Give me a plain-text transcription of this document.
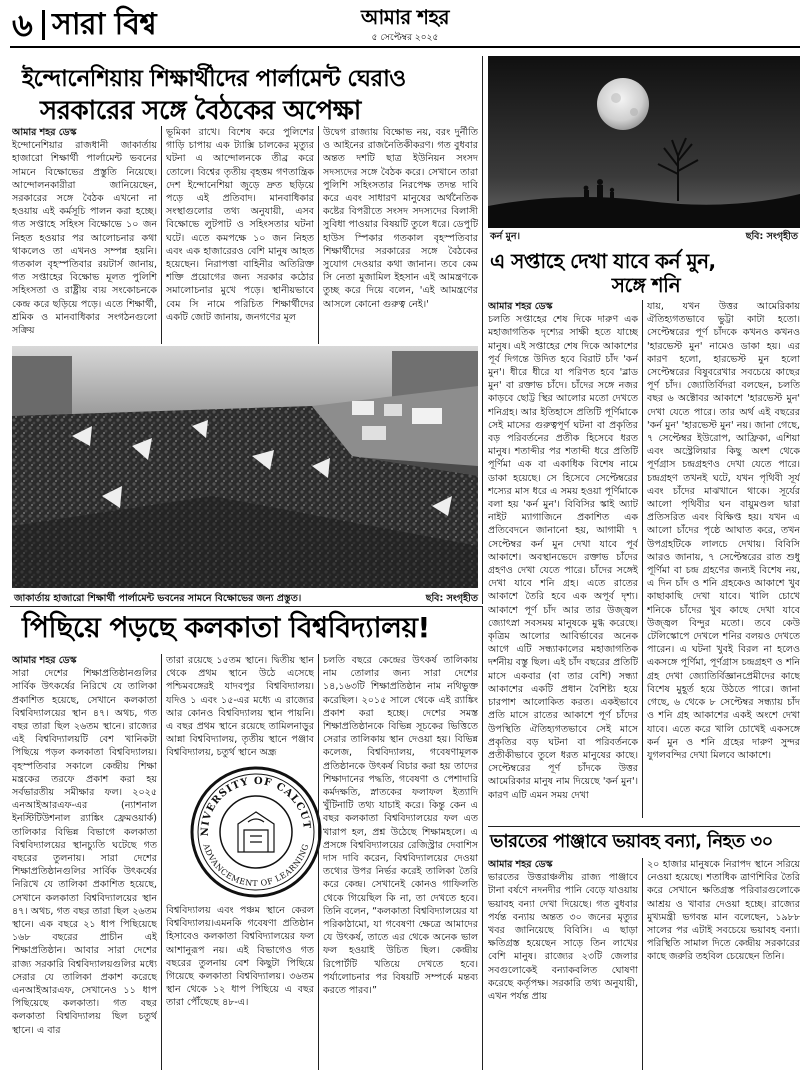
৬ সারা বিশ্ব	আমার শহর
৫ সেপ্টেম্বর ২০২৫
ইন্দোনেশিয়ায় শিক্ষার্থীদের পার্লামেন্ট ঘেরাও
সরকারের সঙ্গে বৈঠকের অপেক্ষা
আমার শহর ডেস্ক
ইন্দোনেশিয়ার রাজধানী জাকার্তায় হাজারো শিক্ষার্থী পার্লামেন্ট ভবনের সামনে বিক্ষোভের প্রস্তুতি নিয়েছে। আন্দোলনকারীরা জানিয়েছেন, সরকারের সঙ্গে বৈঠক এখনো না হওয়ায় এই কর্মসূচি পালন করা হচ্ছে। গত সপ্তাহে সহিংস বিক্ষোভে ১০ জন নিহত হওয়ার পর আলোচনার কথা থাকলেও তা এখনও সম্পন্ন হয়নি। গতকাল বৃহস্পতিবার রয়টার্স জানায়, গত সপ্তাহের বিক্ষোভ মূলত পুলিশি সহিংসতা ও রাষ্ট্রীয় ব্যয় সংকোচনকে কেন্দ্র করে ছড়িয়ে পড়ে। এতে শিক্ষার্থী, শ্রমিক ও মানবাধিকার সংগঠনগুলো সক্রিয়
ভূমিকা রাখে। বিশেষ করে পুলিশের গাড়ি চাপায় এক ট্যাক্সি চালকের মৃত্যুর ঘটনা এ আন্দোলনকে তীব্র করে তোলে। বিশ্বের তৃতীয় বৃহত্তম গণতান্ত্রিক দেশ ইন্দোনেশিয়া জুড়ে দ্রুত ছড়িয়ে পড়ে এই প্রতিবাদ। মানবাধিকার সংস্থাগুলোর তথ্য অনুযায়ী, এসব বিক্ষোভে লুটপাট ও সহিংসতার ঘটনা ঘটে। এতে কমপক্ষে ১০ জন নিহত এবং এক হাজারেরও বেশি মানুষ আহত হয়েছেন। নিরাপত্তা বাহিনীর অতিরিক্ত শক্তি প্রয়োগের জন্য সরকার কঠোর সমালোচনার মুখে পড়ে। স্থানীয়ভাবে বেম সি নামে পরিচিত শিক্ষার্থীদের একটি জোট জানায়, জনগণের মূল
উদ্বেগ রাজ্যায় বিক্ষোভ নয়, বরং দুর্নীতি ও আইনের রাজনৈতিকীকরণ। গত বুধবার অন্তত দশটি ছাত্র ইউনিয়ন সংসদ সদস্যদের সঙ্গে বৈঠক করে। সেখানে তারা পুলিশি সহিংসতার নিরপেক্ষ তদন্ত দাবি করে এবং সাধারণ মানুষের অর্থনৈতিক কষ্টের বিপরীতে সংসদ সদস্যদের বিলাসী সুবিধা পাওয়ার বিষয়টি তুলে ধরে। ডেপুটি হাউস স্পিকার গতকাল বৃহস্পতিবার শিক্ষার্থীদের সরকারের সঙ্গে বৈঠকের সুযোগ দেওয়ার কথা জানান। তবে কেম সি নেতা মুজামিল ইহসান এই আমন্ত্রণকে তুচ্ছ করে দিয়ে বলেন, 'এই আমন্ত্রণের আসলে কোনো গুরুত্ব নেই।'
জাকার্তায় হাজারো শিক্ষার্থী পার্লামেন্ট ভবনের সামনে বিক্ষোভের জন্য প্রস্তুত।	ছবি: সংগৃহীত
কর্ন মুন।	ছবি: সংগৃহীত
এ সপ্তাহে দেখা যাবে কর্ন মুন,
সঙ্গে শনি
আমার শহর ডেস্ক
চলতি সপ্তাহের শেষ দিকে দারুণ এক মহাজাগতিক দৃশ্যের সাক্ষী হতে যাচ্ছে মানুষ। এই সপ্তাহের শেষ দিকে আকাশের পূর্ব দিগন্তে উদিত হবে বিরাট চাঁদ 'কর্ন মুন'। ধীরে ধীরে যা পরিণত হবে 'ব্লাড মুন' বা রক্তাভ চাঁদে। চাঁদের সঙ্গে নজর কাড়বে ছোট্ট স্থির আলোর মতো দেখতে শনিগ্রহ। আর ইতিহাসে প্রতিটি পূর্ণিমাকে সেই মাসের গুরুত্বপূর্ণ ঘটনা বা প্রকৃতির বড় পরিবর্তনের প্রতীক হিসেবে ধরত মানুষ। শতাব্দীর পর শতাব্দী ধরে প্রতিটি পূর্ণিমা এক বা একাধিক বিশেষ নামে ডাকা হয়েছে। সে হিসেবে সেপ্টেম্বরের শস্যের মাস ধরে এ সময় হওয়া পূর্ণিমাকে বলা হয় 'কর্ন মুন'। বিবিসির স্কাই অ্যাট নাইট ম্যাগাজিনে প্রকাশিত এক প্রতিবেদনে জানানো হয়, আগামী ৭ সেপ্টেম্বর কর্ন মুন দেখা যাবে পূর্ব আকাশে। অবস্থানভেদে রক্তাভ চাঁদের গ্রহণও দেখা যেতে পারে। চাঁদের সঙ্গেই দেখা যাবে শনি গ্রহ। এতে রাতের আকাশে তৈরি হবে এক অপূর্ব দৃশ্য। আকাশে পূর্ণ চাঁদ আর তার উজ্জ্বল জ্যোৎস্না সবসময় মানুষকে মুগ্ধ করেছে। কৃত্রিম আলোর আবির্ভাবের অনেক আগে এটি সন্ধ্যাকালের মহাজাগতিক দর্শনীয় বস্তু ছিল। এই চাঁদ বছরের প্রতিটি মাসে একবার (বা তার বেশি) সন্ধ্যা আকাশের একটি প্রধান বৈশিষ্ট্য হয়ে চারপাশ আলোকিত করত। একইভাবে প্রতি মাসে রাতের আকাশে পূর্ণ চাঁদের উপস্থিতি ঐতিহ্যগতভাবে সেই মাসে প্রকৃতির বড় ঘটনা বা পরিবর্তনকে প্রতীকীভাবে তুলে ধরত মানুষের কাছে। সেপ্টেম্বরের পূর্ণ চাঁদকে উত্তর আমেরিকার মানুষ নাম দিয়েছে 'কর্ন মুন'। কারণ এটি এমন সময় দেখা
যায়, যখন উত্তর আমেরিকায় ঐতিহ্যগতভাবে ভুট্টা কাটা হতো। সেপ্টেম্বরের পূর্ণ চাঁদকে কখনও কখনও 'হারভেস্ট মুন' নামেও ডাকা হয়। এর কারণ হলো, হারভেস্ট মুন হলো সেপ্টেম্বরের বিষুবরেখার সবচেয়ে কাছের পূর্ণ চাঁদ। জ্যোতির্বিদরা বলছেন, চলতি বছর ৬ অক্টোবর আকাশে 'হারভেস্ট মুন' দেখা যেতে পারে। তার অর্থ এই বছরের 'কর্ন মুন' 'হারভেস্ট মুন' নয়। জানা গেছে, ৭ সেপ্টেম্বর ইউরোপ, আফ্রিকা, এশিয়া এবং অস্ট্রেলিয়ার কিছু অংশ থেকে পূর্ণগ্রাস চন্দ্রগ্রহণও দেখা যেতে পারে। চন্দ্রগ্রহণ তখনই ঘটে, যখন পৃথিবী সূর্য এবং চাঁদের মাঝখানে থাকে। সূর্যের আলো পৃথিবীর ঘন বায়ুমণ্ডল দ্বারা প্রতিসরিত এবং বিক্ষিপ্ত হয়। যখন এ আলো চাঁদের পৃষ্ঠে আঘাত করে, তখন উপগ্রহটিকে লালচে দেখায়। বিবিসি আরও জানায়, ৭ সেপ্টেম্বরের রাত শুধু পূর্ণিমা বা চন্দ্র গ্রহণের জন্যই বিশেষ নয়, এ দিন চাঁদ ও শনি গ্রহকেও আকাশে খুব কাছাকাছি দেখা যাবে। খালি চোখে শনিকে চাঁদের খুব কাছে দেখা যাবে উজ্জ্বল বিন্দুর মতো। তবে কেউ টেলিস্কোপে দেখলে শনির বলয়ও দেখতে পারেন। এ ঘটনা খুবই বিরল না হলেও একসঙ্গে পূর্ণিমা, পূর্ণগ্রাস চন্দ্রগ্রহণ ও শনি গ্রহ দেখা জ্যোতির্বিজ্ঞানপ্রেমীদের কাছে বিশেষ মুহূর্ত হয়ে উঠতে পারে। জানা গেছে, ৬ থেকে ৮ সেপ্টেম্বর সন্ধ্যায় চাঁদ ও শনি গ্রহ আকাশের একই অংশে দেখা যাবে। এতে করে খালি চোখেই একসঙ্গে কর্ন মুন ও শনি গ্রহের দারুণ সুন্দর যুগলবন্দির দেখা মিলবে আকাশে।
পিছিয়ে পড়ছে কলকাতা বিশ্ববিদ্যালয়!
আমার শহর ডেস্ক
সারা দেশের শিক্ষাপ্রতিষ্ঠানগুলির সার্বিক উৎকর্ষের নিরিখে যে তালিকা প্রকাশিত হয়েছে, সেখানে কলকাতা বিশ্ববিদ্যালয়ের স্থান ৪৭। অথচ, গত বছর তারা ছিল ২৬তম স্থানে। রাজ্যের এই বিশ্ববিদ্যালয়টি বেশ খানিকটা পিছিয়ে পড়ল কলকাতা বিশ্ববিদ্যালয়। বৃহস্পতিবার সকালে কেন্দ্রীয় শিক্ষা মন্ত্রকের তরফে প্রকাশ করা হয় সর্বভারতীয় সমীক্ষার ফল। ২০২৫ এনআইআরএফ-এর (ন্যাশনাল ইনস্টিটিউশনাল র‍্যাঙ্কিং ফ্রেমওয়ার্ক) তালিকার বিভিন্ন বিভাগে কলকাতা বিশ্ববিদ্যালয়ের স্থানচ্যুতি ঘটেছে গত বছরের তুলনায়। সারা দেশের শিক্ষাপ্রতিষ্ঠানগুলির সার্বিক উৎকর্ষের নিরিখে যে তালিকা প্রকাশিত হয়েছে, সেখানে কলকাতা বিশ্ববিদ্যালয়ের স্থান ৪৭। অথচ, গত বছর তারা ছিল ২৬তম স্থানে। এক বছরে ২১ ধাপ পিছিয়েছে ১৬৮ বছরের প্রাচীন এই শিক্ষাপ্রতিষ্ঠান। আবার সারা দেশের রাজ্য সরকারি বিশ্ববিদ্যালয়গুলির মধ্যে সেরার যে তালিকা প্রকাশ করেছে এনআইআরএফ, সেখানেও ১১ ধাপ পিছিয়েছে কলকাতা। গত বছর কলকাতা বিশ্ববিদ্যালয় ছিল চতুর্থ স্থানে। এ বার
তারা রয়েছে ১৫তম স্থানে। দ্বিতীয় স্থান থেকে প্রথম স্থানে উঠে এসেছে পশ্চিমবঙ্গেরই যাদবপুর বিশ্ববিদ্যালয়। যদিও ১ এবং ১৫-এর মধ্যে এ রাজ্যের আর কোনও বিশ্ববিদ্যালয় স্থান পায়নি। এ বছর প্রথম স্থানে রয়েছে তামিলনাড়ুর আন্না বিশ্ববিদ্যালয়, তৃতীয় স্থানে পঞ্জাব বিশ্ববিদ্যালয়, চতুর্থ স্থানে অন্ধ্র
NIVERSITY OF CALCUT
ADVANCEMENT OF LEARNING
বিশ্ববিদ্যালয় এবং পঞ্চম স্থানে কেরল বিশ্ববিদ্যালয়।এমনকি গবেষণা প্রতিষ্ঠান হিসাবেও কলকাতা বিশ্ববিদ্যালয়ের ফল আশানুরূপ নয়। এই বিভাগেও গত বছরের তুলনায় বেশ কিছুটা পিছিয়ে গিয়েছে কলকাতা বিশ্ববিদ্যালয়। ৩৬তম স্থান থেকে ১২ ধাপ পিছিয়ে এ বছর তারা পৌঁছেছে ৪৮-এ।
চলতি বছরে কেন্দ্রের উৎকর্ষ তালিকায় নাম তোলার জন্য সারা দেশের ১৪,১৬৩টি শিক্ষাপ্রতিষ্ঠান নাম নথিভুক্ত করেছিল। ২০১৫ সালে থেকে এই র‍্যাঙ্কিং প্রকাশ করা হচ্ছে। দেশের সমস্ত শিক্ষাপ্রতিষ্ঠানকে বিভিন্ন সূচকের ভিত্তিতে সেরার তালিকায় স্থান দেওয়া হয়। বিভিন্ন কলেজ, বিশ্ববিদ্যালয়, গবেষণামূলক প্রতিষ্ঠানকে উৎকর্ষ বিচার করা হয় তাদের শিক্ষাদানের পদ্ধতি, গবেষণা ও পেশাদারি কর্মদক্ষতি, স্নাতকের ফলাফল ইত্যাদি খুঁটিনাটি তথ্য যাচাই করে। কিন্তু কেন এ বছর কলকাতা বিশ্ববিদ্যালয়ের ফল এত খারাপ হল, প্রশ্ন উঠেছে শিক্ষামহলে। এ প্রসঙ্গে বিশ্ববিদ্যালয়ের রেজিস্ট্রার দেবাশিস দাস দাবি করেন, বিশ্ববিদ্যালয়ের দেওয়া তথ্যের উপর নির্ভর করেই তালিকা তৈরি করে কেন্দ্র। সেখানেই কোনও গাফিলতি থেকে গিয়েছিল কি না, তা দেখতে হবে। তিনি বলেন, “কলকাতা বিশ্ববিদ্যালয়ের যা পরিকাঠামো, যা গবেষণা ক্ষেত্রে আমাদের যে উৎকর্ষ, তাতে এর থেকে অনেক ভাল ফল হওয়াই উচিত ছিল। কেন্দ্রীয় রিপোর্টটি খতিয়ে দেখতে হবে। পর্যালোচনার পর বিষয়টি সম্পর্কে মন্তব্য করতে পারব।”
ভারতের পাঞ্জাবে ভয়াবহ বন্যা, নিহত ৩০
আমার শহর ডেস্ক
ভারতের উত্তরাঞ্চলীয় রাজ্য পাঞ্জাবে টানা বর্ষণে নদনদীর পানি বেড়ে যাওয়ায় ভয়াবহ বন্যা দেখা দিয়েছে। গত বুধবার পর্যন্ত বন্যায় অন্তত ৩০ জনের মৃত্যুর খবর জানিয়েছে বিবিসি। এ ছাড়া ক্ষতিগ্রস্ত হয়েছেন সাড়ে তিন লাখের বেশি মানুষ। রাজ্যের ২৩টি জেলার সবগুলোকেই বন্যাকবলিত ঘোষণা করেছে কর্তৃপক্ষ। সরকারি তথ্য অনুযায়ী, এখন পর্যন্ত প্রায়
২০ হাজার মানুষকে নিরাপদ স্থানে সরিয়ে নেওয়া হয়েছে। শতাধিক ত্রাণশিবির তৈরি করে সেখানে ক্ষতিগ্রস্ত পরিবারগুলোকে আশ্রয় ও খাবার দেওয়া হচ্ছে। রাজ্যের মুখ্যমন্ত্রী ভগবন্ত মান বলেছেন, ১৯৮৮ সালের পর এটাই সবচেয়ে ভয়াবহ বন্যা। পরিস্থিতি সামাল দিতে কেন্দ্রীয় সরকারের কাছে জরুরি তহবিল চেয়েছেন তিনি।
